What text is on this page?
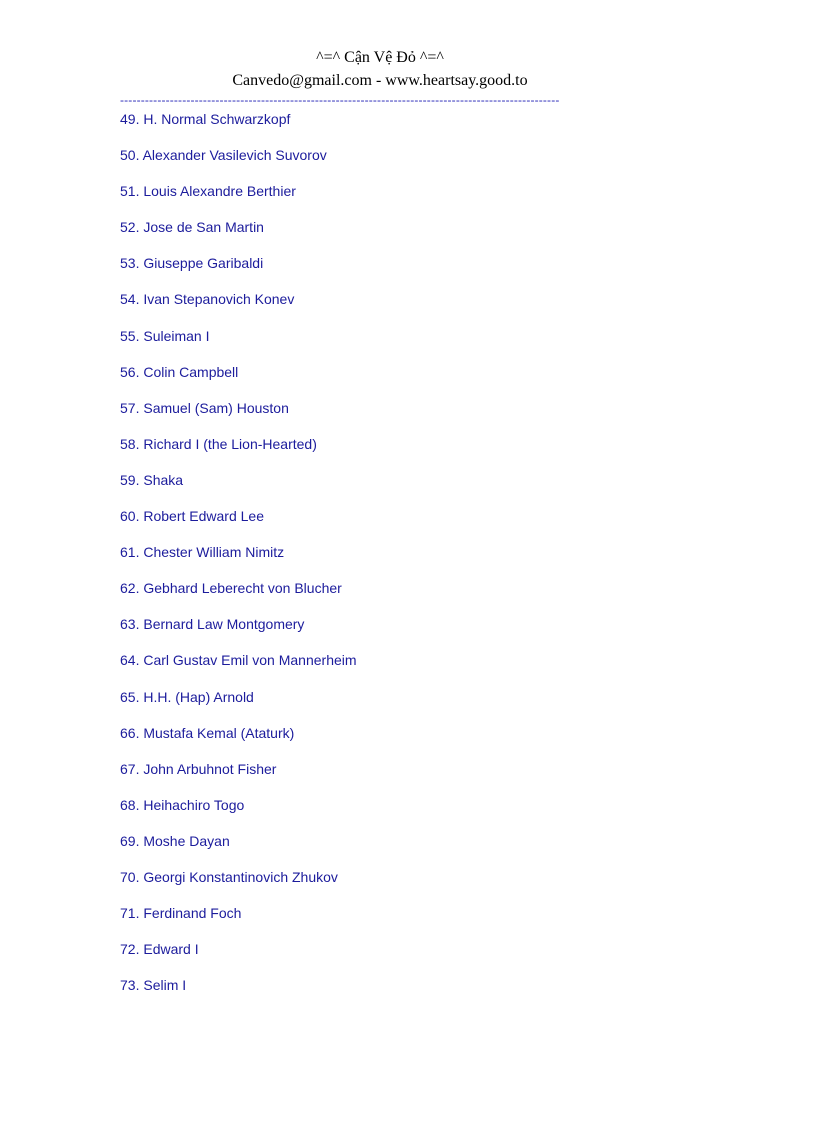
^=^ Cận Vệ Đỏ ^=^
Canvedo@gmail.com - www.heartsay.good.to
----------------------------------------------------------------------------------------------------------
49. H. Normal Schwarzkopf
50. Alexander Vasilevich Suvorov
51. Louis Alexandre Berthier
52. Jose de San Martin
53. Giuseppe Garibaldi
54. Ivan Stepanovich Konev
55. Suleiman I
56. Colin Campbell
57. Samuel (Sam) Houston
58. Richard I (the Lion-Hearted)
59. Shaka
60. Robert Edward Lee
61. Chester William Nimitz
62. Gebhard Leberecht von Blucher
63. Bernard Law Montgomery
64. Carl Gustav Emil von Mannerheim
65. H.H. (Hap) Arnold
66. Mustafa Kemal (Ataturk)
67. John Arbuhnot Fisher
68. Heihachiro Togo
69. Moshe Dayan
70. Georgi Konstantinovich Zhukov
71. Ferdinand Foch
72. Edward I
73. Selim I
